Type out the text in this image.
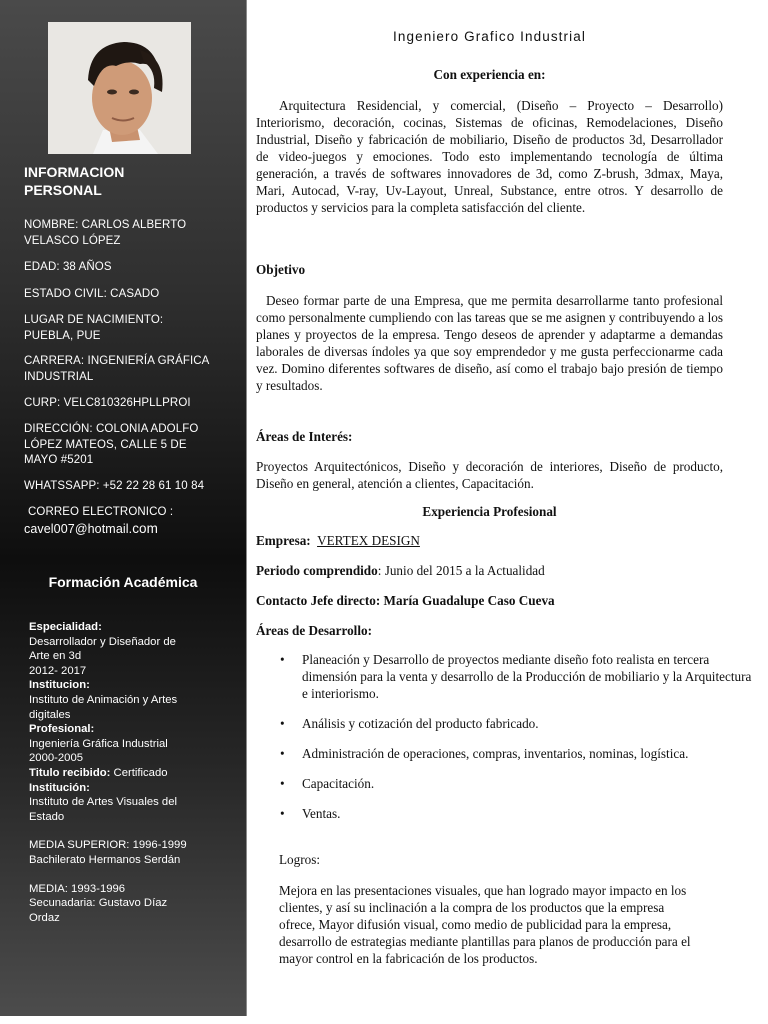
INFORMACION
PERSONAL
NOMBRE: CARLOS ALBERTO
VELASCO LÓPEZ
EDAD: 38 AÑOS
ESTADO CIVIL: CASADO
LUGAR DE NACIMIENTO:
PUEBLA, PUE
CARRERA: INGENIERÍA GRÁFICA
INDUSTRIAL
CURP: VELC810326HPLLPROI
DIRECCIÓN: COLONIA ADOLFO
LÓPEZ MATEOS, CALLE 5 DE
MAYO #5201
WHATSSAPP: +52 22 28 61 10 84
CORREO ELECTRONICO :
cavel007@hotmail.com
Formación Académica
Especialidad:
Desarrollador y Diseñador de
Arte en 3d
2012- 2017
Institucion:
Instituto de Animación y Artes
digitales
Profesional:
Ingeniería Gráfica Industrial
2000-2005
Titulo recibido: Certificado
Institución:
Instituto de Artes Visuales del
Estado
MEDIA SUPERIOR: 1996-1999
Bachilerato Hermanos Serdán
MEDIA: 1993-1996
Secunadaria: Gustavo Díaz
Ordaz
Ingeniero Grafico Industrial
Con experiencia en:
Arquitectura Residencial, y comercial, (Diseño – Proyecto – Desarrollo) Interiorismo, decoración, cocinas, Sistemas de oficinas, Remodelaciones, Diseño Industrial, Diseño y fabricación de mobiliario, Diseño de productos 3d, Desarrollador de video-juegos y emociones. Todo esto implementando tecnología de última generación, a través de softwares innovadores de 3d, como Z-brush, 3dmax, Maya, Mari, Autocad, V-ray, Uv-Layout, Unreal, Substance, entre otros. Y desarrollo de productos y servicios para la completa satisfacción del cliente.
Objetivo
Deseo formar parte de una Empresa, que me permita desarrollarme tanto profesional como personalmente cumpliendo con las tareas que se me asignen y contribuyendo a los planes y proyectos de la empresa. Tengo deseos de aprender y adaptarme a demandas laborales de diversas índoles ya que soy emprendedor y me gusta perfeccionarme cada vez. Domino diferentes softwares de diseño, así como el trabajo bajo presión de tiempo y resultados.
Áreas de Interés:
Proyectos Arquitectónicos, Diseño y decoración de interiores, Diseño de producto, Diseño en general, atención a clientes, Capacitación.
Experiencia Profesional
Empresa: VERTEX DESIGN
Periodo comprendido: Junio del 2015 a la Actualidad
Contacto Jefe directo: María Guadalupe Caso Cueva
Áreas de Desarrollo:
• Planeación y Desarrollo de proyectos mediante diseño foto realista en tercera dimensión para la venta y desarrollo de la Producción de mobiliario y la Arquitectura e interiorismo.
• Análisis y cotización del producto fabricado.
• Administración de operaciones, compras, inventarios, nominas, logística.
• Capacitación.
• Ventas.
Logros:
Mejora en las presentaciones visuales, que han logrado mayor impacto en los clientes, y así su inclinación a la compra de los productos que la empresa ofrece, Mayor difusión visual, como medio de publicidad para la empresa, desarrollo de estrategias mediante plantillas para planos de producción para el mayor control en la fabricación de los productos.
